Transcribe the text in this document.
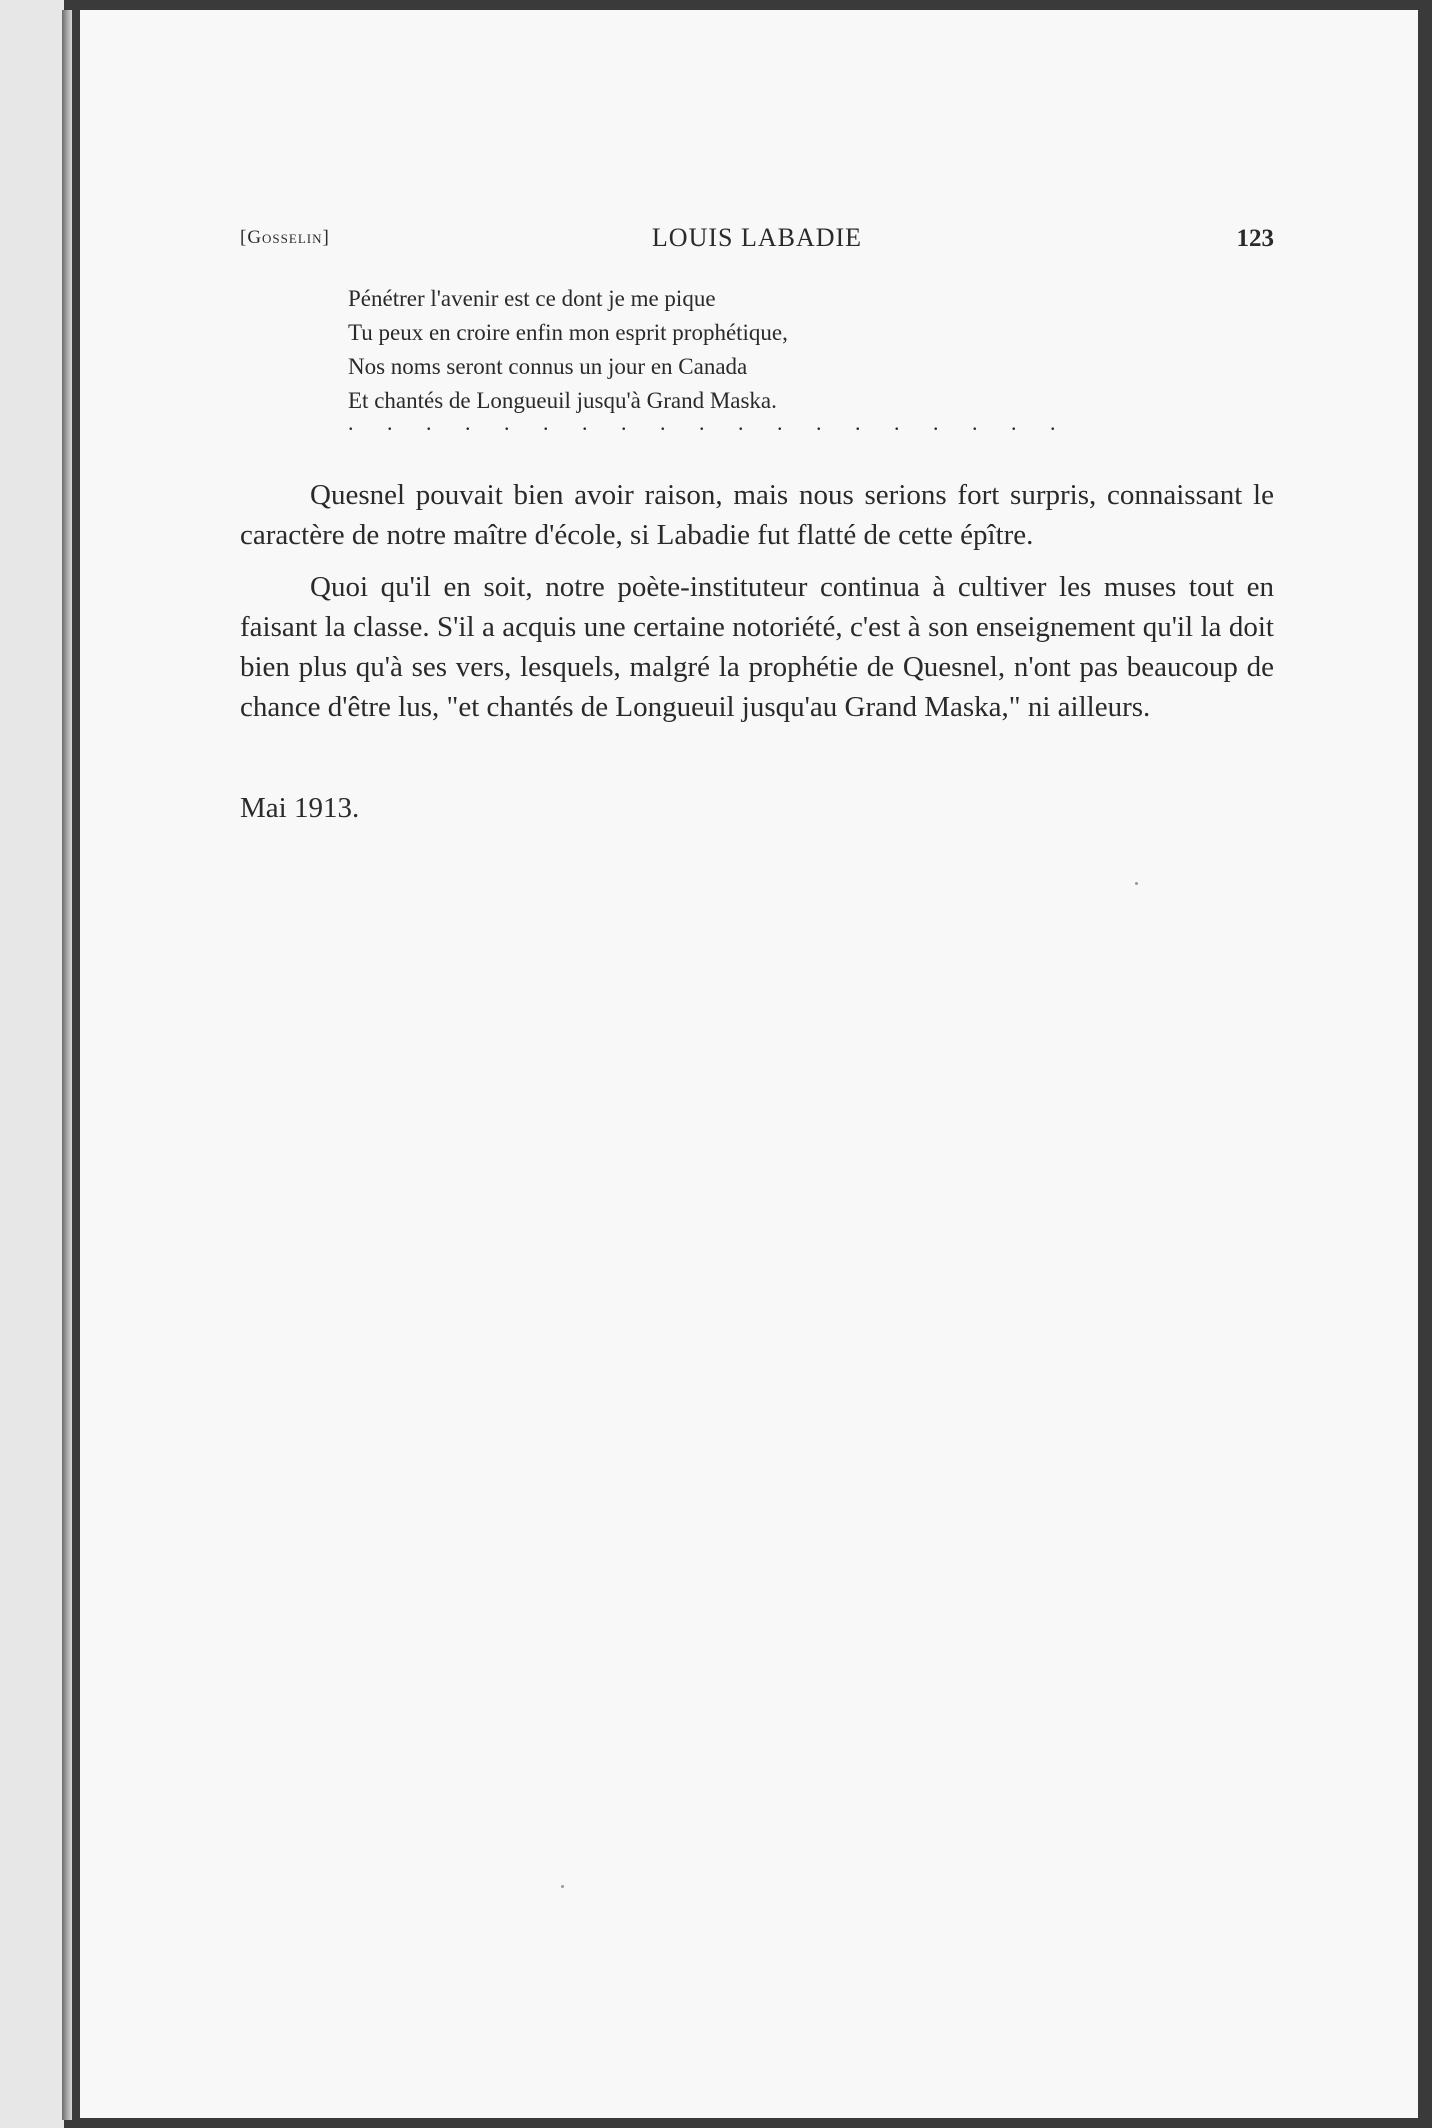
[Gosselin]	LOUIS LABADIE	123
Pénétrer l'avenir est ce dont je me pique
Tu peux en croire enfin mon esprit prophétique,
Nos noms seront connus un jour en Canada
Et chantés de Longueuil jusqu'à Grand Maska.
. . . . . . . . . . . . . . . . . . .

Quesnel pouvait bien avoir raison, mais nous serions fort surpris, connaissant le caractère de notre maître d'école, si Labadie fut flatté de cette épître.

Quoi qu'il en soit, notre poète-instituteur continua à cultiver les muses tout en faisant la classe. S'il a acquis une certaine notoriété, c'est à son enseignement qu'il la doit bien plus qu'à ses vers, lesquels, malgré la prophétie de Quesnel, n'ont pas beaucoup de chance d'être lus, "et chantés de Longueuil jusqu'au Grand Maska," ni ailleurs.

Mai 1913.
